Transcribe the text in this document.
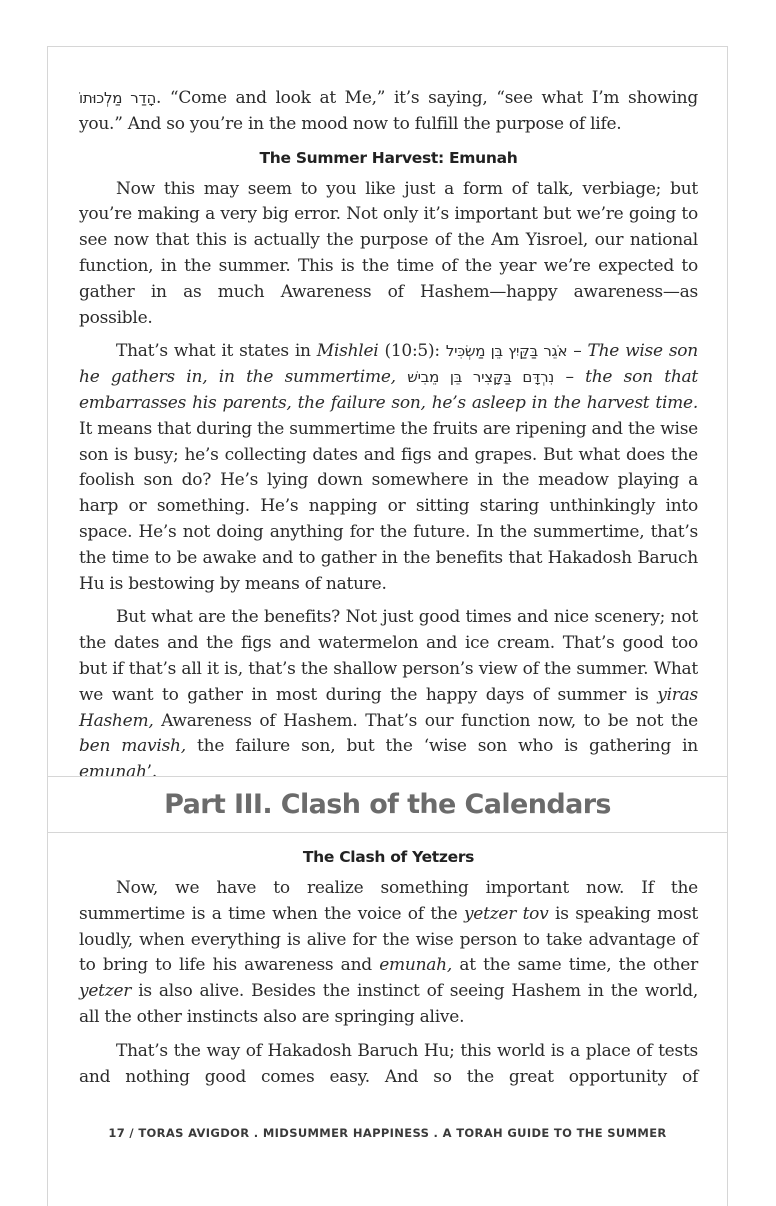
הָדַר מַלְכוּתוֹ. “Come and look at Me,” it’s saying, “see what I’m showing you.” And so you’re in the mood now to fulfill the purpose of life.

The Summer Harvest: Emunah

Now this may seem to you like just a form of talk, verbiage; but you’re making a very big error. Not only it’s important but we’re going to see now that this is actually the purpose of the Am Yisroel, our national function, in the summer. This is the time of the year we’re expected to gather in as much Awareness of Hashem—happy awareness—as possible.

That’s what it states in Mishlei (10:5): אֹגֵר בַּקַּיִץ בֵּן מַשְׂכִּיל – The wise son he gathers in, in the summertime, נִרְדָּם בַּקָּצִיר בֵּן מֵבִישׁ – the son that embarrasses his parents, the failure son, he’s asleep in the harvest time. It means that during the summertime the fruits are ripening and the wise son is busy; he’s collecting dates and figs and grapes. But what does the foolish son do? He’s lying down somewhere in the meadow playing a harp or something. He’s napping or sitting staring unthinkingly into space. He’s not doing anything for the future. In the summertime, that’s the time to be awake and to gather in the benefits that Hakadosh Baruch Hu is bestowing by means of nature.

But what are the benefits? Not just good times and nice scenery; not the dates and the figs and watermelon and ice cream. That’s good too but if that’s all it is, that’s the shallow person’s view of the summer. What we want to gather in most during the happy days of summer is yiras Hashem, Awareness of Hashem. That’s our function now, to be not the ben mavish, the failure son, but the ‘wise son who is gathering in emunah’.

Part III. Clash of the Calendars
The Clash of Yetzers

Now, we have to realize something important now. If the summertime is a time when the voice of the yetzer tov is speaking most loudly, when everything is alive for the wise person to take advantage of to bring to life his awareness and emunah, at the same time, the other yetzer is also alive. Besides the instinct of seeing Hashem in the world, all the other instincts also are springing alive.

That’s the way of Hakadosh Baruch Hu; this world is a place of tests and nothing good comes easy. And so the great opportunity of

17 / TORAS AVIGDOR . MIDSUMMER HAPPINESS . A TORAH GUIDE TO THE SUMMER
